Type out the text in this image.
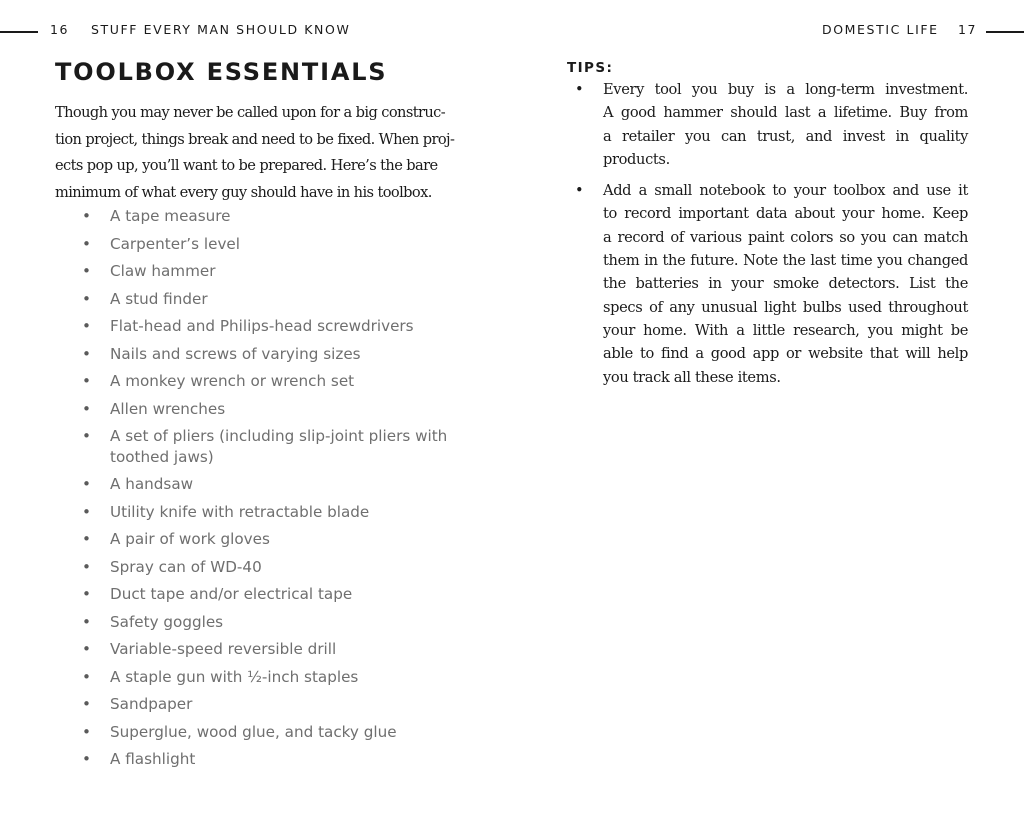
16 STUFF EVERY MAN SHOULD KNOW	DOMESTIC LIFE 17
TOOLBOX ESSENTIALS
Though you may never be called upon for a big construc-
tion project, things break and need to be fixed. When proj-
ects pop up, you’ll want to be prepared. Here’s the bare
minimum of what every guy should have in his toolbox.
• A tape measure
• Carpenter’s level
• Claw hammer
• A stud finder
• Flat-head and Philips-head screwdrivers
• Nails and screws of varying sizes
• A monkey wrench or wrench set
• Allen wrenches
• A set of pliers (including slip-joint pliers with toothed jaws)
• A handsaw
• Utility knife with retractable blade
• A pair of work gloves
• Spray can of WD-40
• Duct tape and/or electrical tape
• Safety goggles
• Variable-speed reversible drill
• A staple gun with ½-inch staples
• Sandpaper
• Superglue, wood glue, and tacky glue
• A flashlight
TIPS:
• Every tool you buy is a long-term investment.
A good hammer should last a lifetime. Buy from
a retailer you can trust, and invest in quality
products.
• Add a small notebook to your toolbox and use it
to record important data about your home. Keep
a record of various paint colors so you can match
them in the future. Note the last time you changed
the batteries in your smoke detectors. List the
specs of any unusual light bulbs used throughout
your home. With a little research, you might be
able to find a good app or website that will help
you track all these items.
